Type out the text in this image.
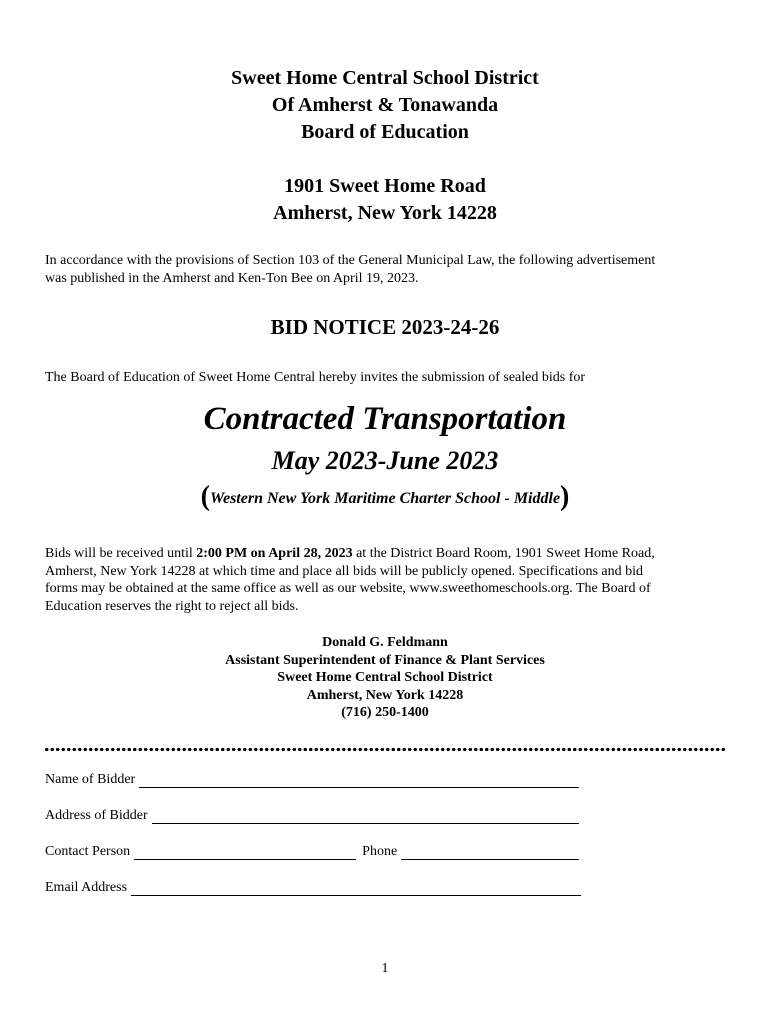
Sweet Home Central School District
Of Amherst & Tonawanda
Board of Education
1901 Sweet Home Road
Amherst, New York 14228
In accordance with the provisions of Section 103 of the General Municipal Law, the following advertisement
was published in the Amherst and Ken-Ton Bee on April 19, 2023.
BID NOTICE 2023-24-26
The Board of Education of Sweet Home Central hereby invites the submission of sealed bids for
Contracted Transportation
May 2023-June 2023
(Western New York Maritime Charter School - Middle)
Bids will be received until 2:00 PM on April 28, 2023 at the District Board Room, 1901 Sweet Home Road,
Amherst, New York 14228 at which time and place all bids will be publicly opened. Specifications and bid
forms may be obtained at the same office as well as our website, www.sweethomeschools.org. The Board of
Education reserves the right to reject all bids.
Donald G. Feldmann
Assistant Superintendent of Finance & Plant Services
Sweet Home Central School District
Amherst, New York 14228
(716) 250-1400
Name of Bidder
Address of Bidder
Contact Person	Phone
Email Address
1
